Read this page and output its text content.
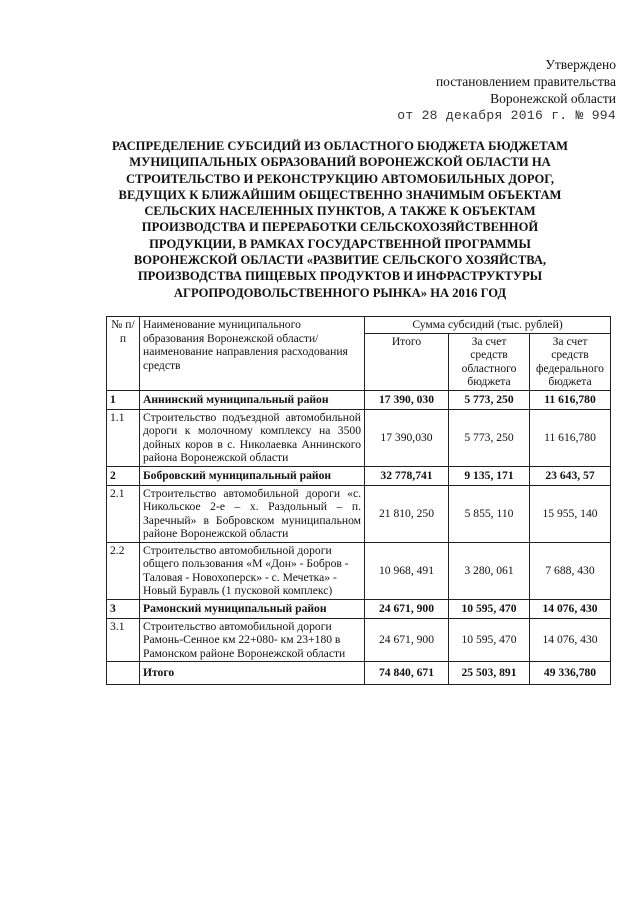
Утверждено
постановлением правительства
Воронежской области
от 28 декабря 2016 г. № 994
РАСПРЕДЕЛЕНИЕ СУБСИДИЙ ИЗ ОБЛАСТНОГО БЮДЖЕТА БЮДЖЕТАМ МУНИЦИПАЛЬНЫХ ОБРАЗОВАНИЙ ВОРОНЕЖСКОЙ ОБЛАСТИ НА СТРОИТЕЛЬСТВО И РЕКОНСТРУКЦИЮ АВТОМОБИЛЬНЫХ ДОРОГ, ВЕДУЩИХ К БЛИЖАЙШИМ ОБЩЕСТВЕННО ЗНАЧИМЫМ ОБЪЕКТАМ СЕЛЬСКИХ НАСЕЛЕННЫХ ПУНКТОВ, А ТАКЖЕ К ОБЪЕКТАМ ПРОИЗВОДСТВА И ПЕРЕРАБОТКИ СЕЛЬСКОХОЗЯЙСТВЕННОЙ ПРОДУКЦИИ, В РАМКАХ ГОСУДАРСТВЕННОЙ ПРОГРАММЫ ВОРОНЕЖСКОЙ ОБЛАСТИ «РАЗВИТИЕ СЕЛЬСКОГО ХОЗЯЙСТВА, ПРОИЗВОДСТВА ПИЩЕВЫХ ПРОДУКТОВ И ИНФРАСТРУКТУРЫ АГРОПРОДОВОЛЬСТВЕННОГО РЫНКА» НА 2016 ГОД
№ п/п	Наименование муниципального образования Воронежской области/наименование направления расходования средств	Сумма субсидий (тыс. рублей)		
		Итого	За счет средств областного бюджета	За счет средств федерального бюджета
1	Аннинский муниципальный район	17 390, 030	5 773, 250	11 616,780
1.1	Строительство подъездной автомобильной дороги к молочному комплексу на 3500 дойных коров в с. Николаевка Аннинского района Воронежской области	17 390,030	5 773, 250	11 616,780
2	Бобровский муниципальный район	32 778,741	9 135, 171	23 643, 57
2.1	Строительство автомобильной дороги «с. Никольское 2-е – х. Раздольный – п. Заречный» в Бобровском муниципальном районе Воронежской области	21 810, 250	5 855, 110	15 955, 140
2.2	Строительство автомобильной дороги общего пользования «М «Дон» - Бобров - Таловая - Новохоперск» - с. Мечетка» - Новый Буравль (1 пусковой комплекс)	10 968, 491	3 280, 061	7 688, 430
3	Рамонский муниципальный район	24 671, 900	10 595, 470	14 076, 430
3.1	Строительство автомобильной дороги Рамонь-Сенное км 22+080- км 23+180 в Рамонском районе Воронежской области	24 671, 900	10 595, 470	14 076, 430
	Итого	74 840, 671	25 503, 891	49 336,780
